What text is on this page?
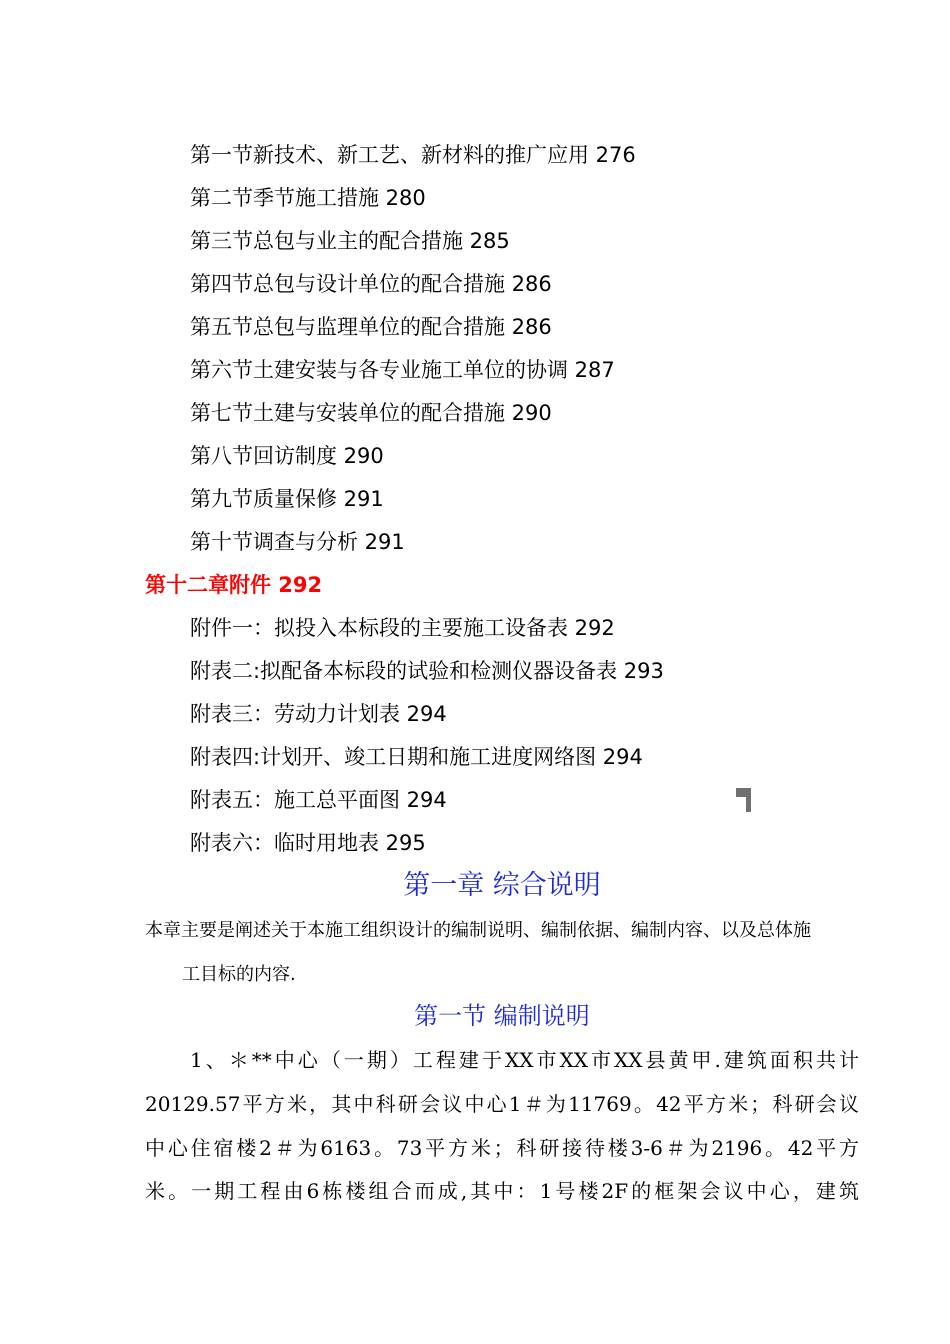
第一节新技术、新工艺、新材料的推广应用 276
第二节季节施工措施 280
第三节总包与业主的配合措施 285
第四节总包与设计单位的配合措施 286
第五节总包与监理单位的配合措施 286
第六节土建安装与各专业施工单位的协调 287
第七节土建与安装单位的配合措施 290
第八节回访制度 290
第九节质量保修 291
第十节调查与分析 291
第十二章附件 292
附件一：拟投入本标段的主要施工设备表 292
附表二:拟配备本标段的试验和检测仪器设备表 293
附表三：劳动力计划表 294
附表四:计划开、竣工日期和施工进度网络图 294
附表五：施工总平面图 294
附表六：临时用地表 295
第一章 综合说明
本章主要是阐述关于本施工组织设计的编制说明、编制依据、编制内容、以及总体施
工目标的内容.
第一节 编制说明
1、＊**中心（一期）工程建于XX市XX市XX县黄甲.建筑面积共计
20129.57平方米，其中科研会议中心1＃为11769。42平方米；科研会议
中心住宿楼2＃为6163。73平方米；科研接待楼3-6＃为2196。42平方
米。一期工程由6栋楼组合而成,其中：1号楼2F的框架会议中心，建筑
